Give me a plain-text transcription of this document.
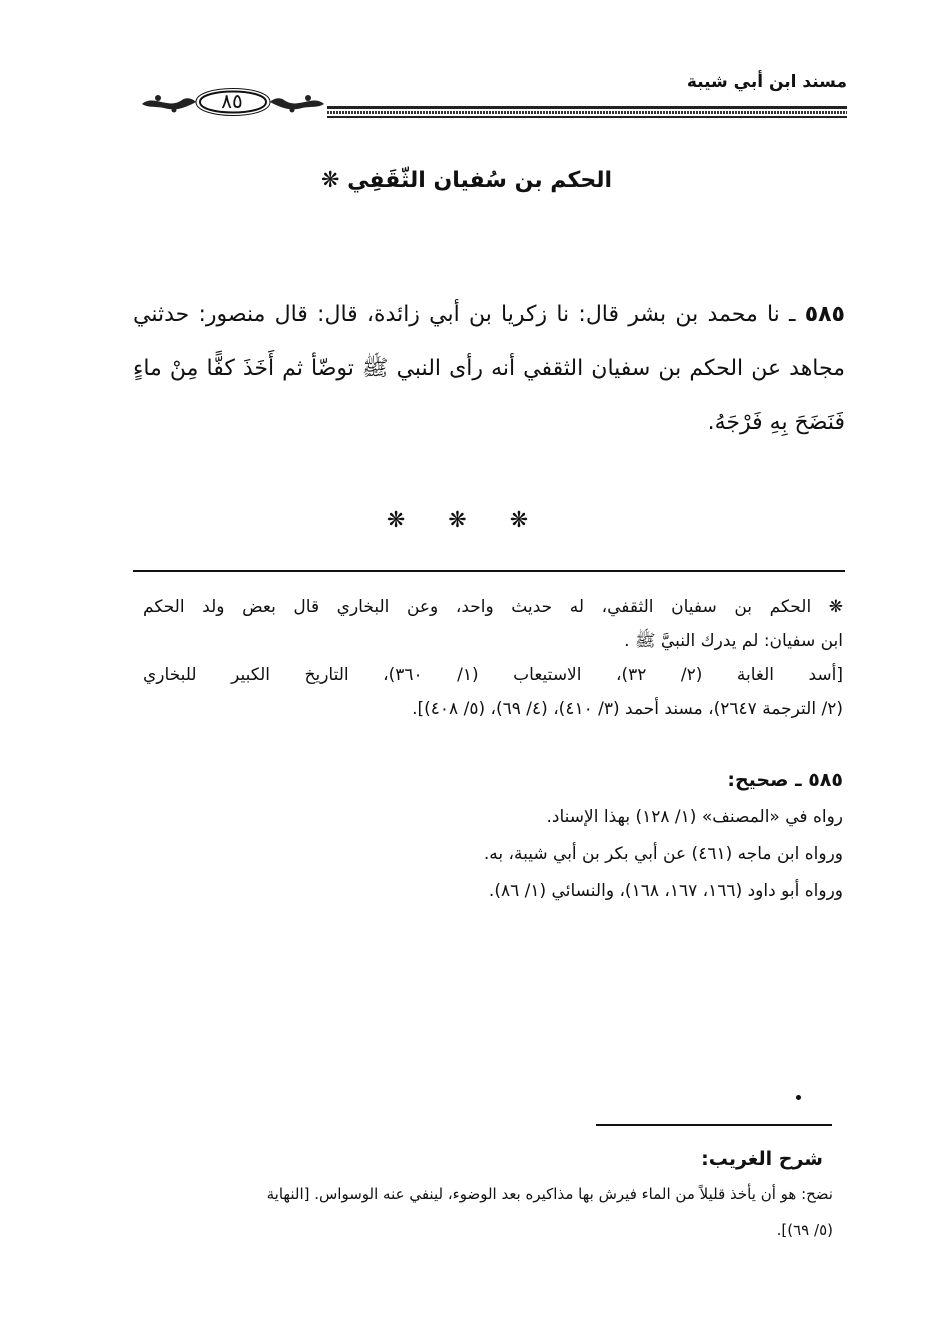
مسند ابن أبي شيبة
٨٥
الحكم بن سُفيان الثّقَفِي ❋
٥٨٥ ـ نا محمد بن بشر قال: نا زكريا بن أبي زائدة، قال: قال منصور: حدثني مجاهد عن الحكم بن سفيان الثقفي أنه رأى النبي ﷺ توضّأ ثم أَخَذَ كفًّا مِنْ ماءٍ فَنَضَحَ بِهِ فَرْجَهُ.
❋ ❋ ❋

❋ الحكم بن سفيان الثقفي، له حديث واحد، وعن البخاري قال بعض ولد الحكم

ابن سفيان: لم يدرك النبيَّ ﷺ .

[أسد الغابة (٢/ ٣٢)، الاستيعاب (١/ ٣٦٠)، التاريخ الكبير للبخاري

(٢/ الترجمة ٢٦٤٧)، مسند أحمد (٣/ ٤١٠)، (٤/ ٦٩)، (٥/ ٤٠٨)].

٥٨٥ ـ صحيح:

رواه في «المصنف» (١/ ١٢٨) بهذا الإسناد.

ورواه ابن ماجه (٤٦١) عن أبي بكر بن أبي شيبة، به.

ورواه أبو داود (١٦٦، ١٦٧، ١٦٨)، والنسائي (١/ ٨٦).

شرح الغريب:

نضح: هو أن يأخذ قليلاً من الماء فيرش بها مذاكيره بعد الوضوء، لينفي عنه الوسواس. [النهاية

(٥/ ٦٩)].
